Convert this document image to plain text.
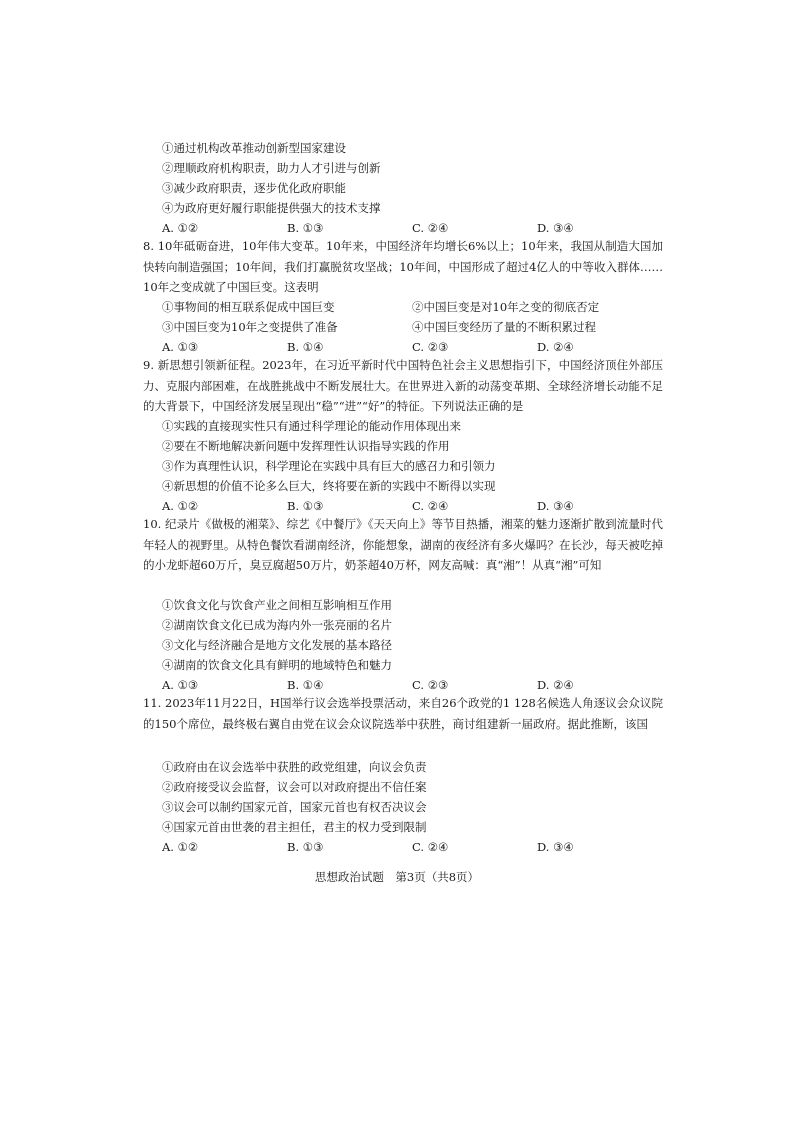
①通过机构改革推动创新型国家建设
②理顺政府机构职责，助力人才引进与创新
③减少政府职责，逐步优化政府职能
④为政府更好履行职能提供强大的技术支撑
A. ①②	B. ①③	C. ②④	D. ③④
8. 10年砥砺奋进，10年伟大变革。10年来，中国经济年均增长6%以上；10年来，我国从制造大国加快转向制造强国；10年间，我们打赢脱贫攻坚战；10年间，中国形成了超过4亿人的中等收入群体……10年之变成就了中国巨变。这表明
①事物间的相互联系促成中国巨变	②中国巨变是对10年之变的彻底否定
③中国巨变为10年之变提供了准备	④中国巨变经历了量的不断积累过程
A. ①③	B. ①④	C. ②③	D. ②④
9. 新思想引领新征程。2023年，在习近平新时代中国特色社会主义思想指引下，中国经济顶住外部压力、克服内部困难，在战胜挑战中不断发展壮大。在世界进入新的动荡变革期、全球经济增长动能不足的大背景下，中国经济发展呈现出“稳”“进”“好”的特征。下列说法正确的是
①实践的直接现实性只有通过科学理论的能动作用体现出来
②要在不断地解决新问题中发挥理性认识指导实践的作用
③作为真理性认识，科学理论在实践中具有巨大的感召力和引领力
④新思想的价值不论多么巨大，终将要在新的实践中不断得以实现
A. ①②	B. ①③	C. ②④	D. ③④
10. 纪录片《做极的湘菜》、综艺《中餐厅》《天天向上》等节目热播，湘菜的魅力逐渐扩散到流量时代年轻人的视野里。从特色餐饮看湖南经济，你能想象，湖南的夜经济有多火爆吗？在长沙，每天被吃掉的小龙虾超60万斤，臭豆腐超50万片，奶茶超40万杯，网友高喊：真“湘”！从真“湘”可知
①饮食文化与饮食产业之间相互影响相互作用
②湖南饮食文化已成为海内外一张亮丽的名片
③文化与经济融合是地方文化发展的基本路径
④湖南的饮食文化具有鲜明的地域特色和魅力
A. ①③	B. ①④	C. ②③	D. ②④
11. 2023年11月22日，H国举行议会选举投票活动，来自26个政党的1 128名候选人角逐议会众议院的150个席位，最终极右翼自由党在议会众议院选举中获胜，商讨组建新一届政府。据此推断，该国
①政府由在议会选举中获胜的政党组建，向议会负责
②政府接受议会监督，议会可以对政府提出不信任案
③议会可以制约国家元首，国家元首也有权否决议会
④国家元首由世袭的君主担任，君主的权力受到限制
A. ①②	B. ①③	C. ②④	D. ③④
思想政治试题　第3页（共8页）
